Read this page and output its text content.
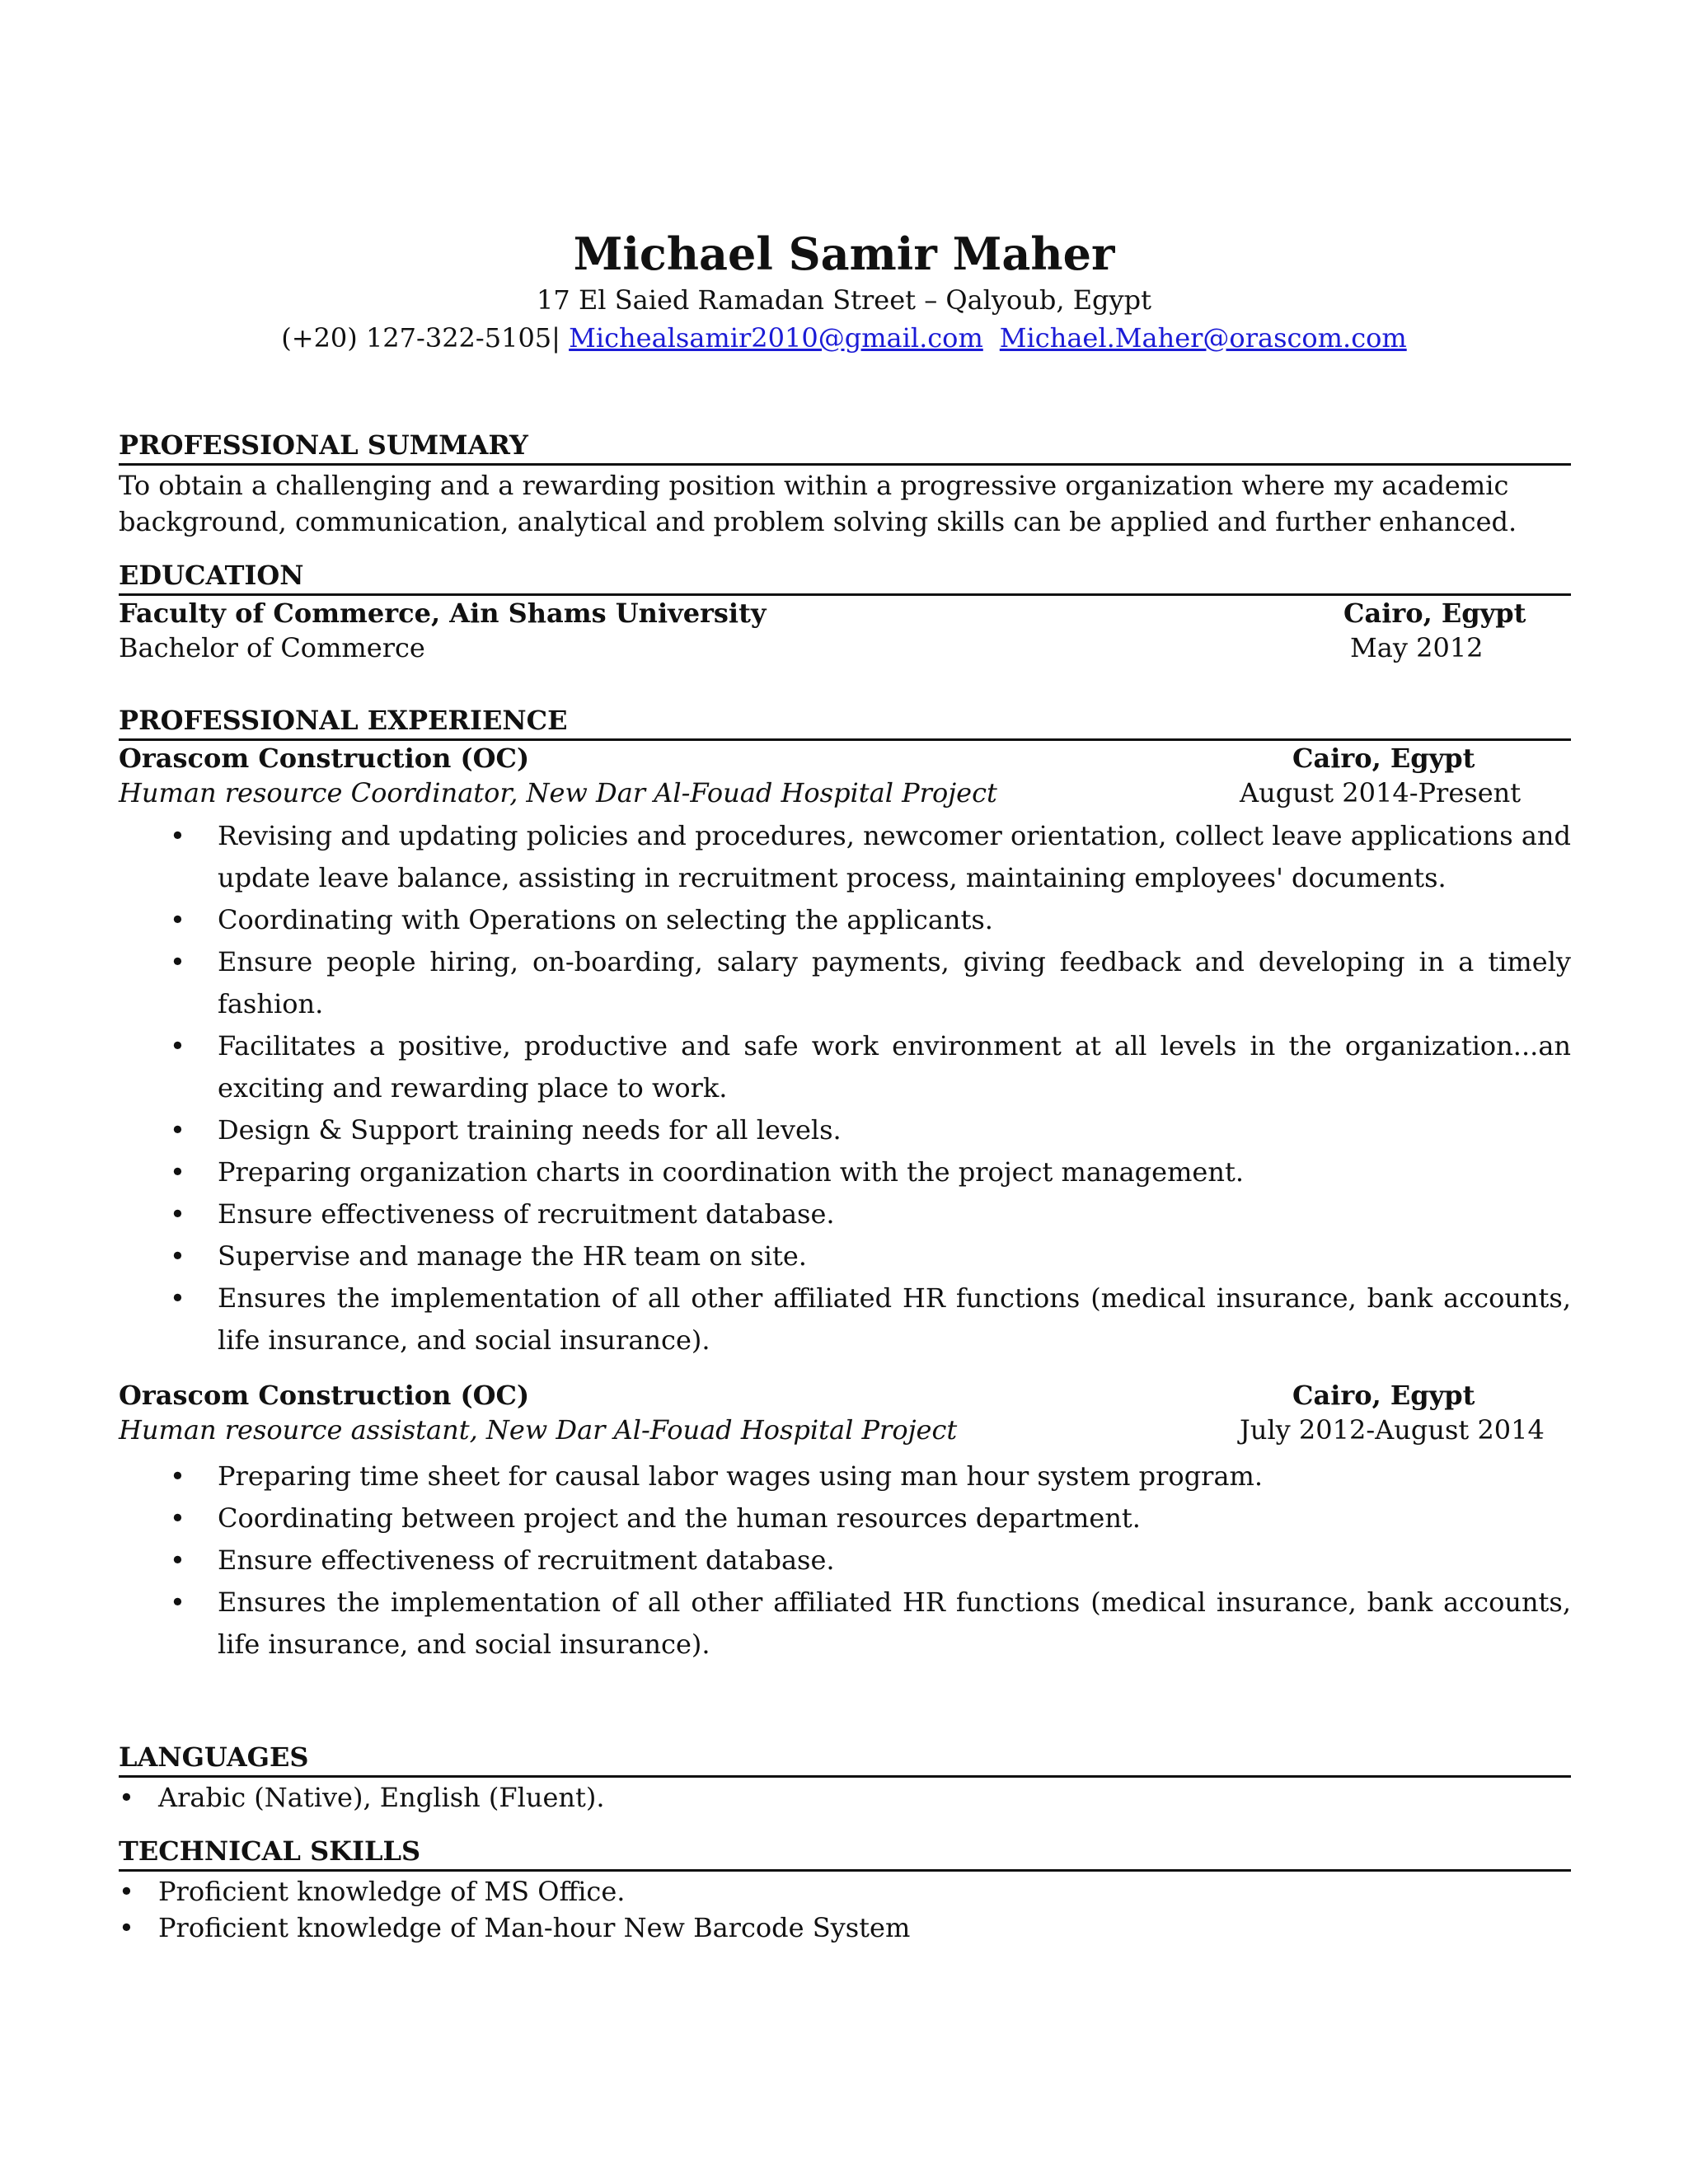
Michael Samir Maher
17 El Saied Ramadan Street – Qalyoub, Egypt
(+20) 127-322-5105| Michealsamir2010@gmail.com Michael.Maher@orascom.com
PROFESSIONAL SUMMARY
To obtain a challenging and a rewarding position within a progressive organization where my academic
background, communication, analytical and problem solving skills can be applied and further enhanced.
EDUCATION
Faculty of Commerce, Ain Shams University	Cairo, Egypt
Bachelor of Commerce	May 2012
PROFESSIONAL EXPERIENCE
Orascom Construction (OC)	Cairo, Egypt
Human resource Coordinator, New Dar Al-Fouad Hospital Project	August 2014-Present
• Revising and updating policies and procedures, newcomer orientation, collect leave applications and update leave balance, assisting in recruitment process, maintaining employees' documents.
• Coordinating with Operations on selecting the applicants.
• Ensure people hiring, on-boarding, salary payments, giving feedback and developing in a timely fashion.
• Facilitates a positive, productive and safe work environment at all levels in the organization...an exciting and rewarding place to work.
• Design & Support training needs for all levels.
• Preparing organization charts in coordination with the project management.
• Ensure effectiveness of recruitment database.
• Supervise and manage the HR team on site.
• Ensures the implementation of all other affiliated HR functions (medical insurance, bank accounts, life insurance, and social insurance).
Orascom Construction (OC)	Cairo, Egypt
Human resource assistant, New Dar Al-Fouad Hospital Project	July 2012-August 2014
• Preparing time sheet for causal labor wages using man hour system program.
• Coordinating between project and the human resources department.
• Ensure effectiveness of recruitment database.
• Ensures the implementation of all other affiliated HR functions (medical insurance, bank accounts, life insurance, and social insurance).
LANGUAGES
• Arabic (Native), English (Fluent).
TECHNICAL SKILLS
• Proficient knowledge of MS Office.
• Proficient knowledge of Man-hour New Barcode System
